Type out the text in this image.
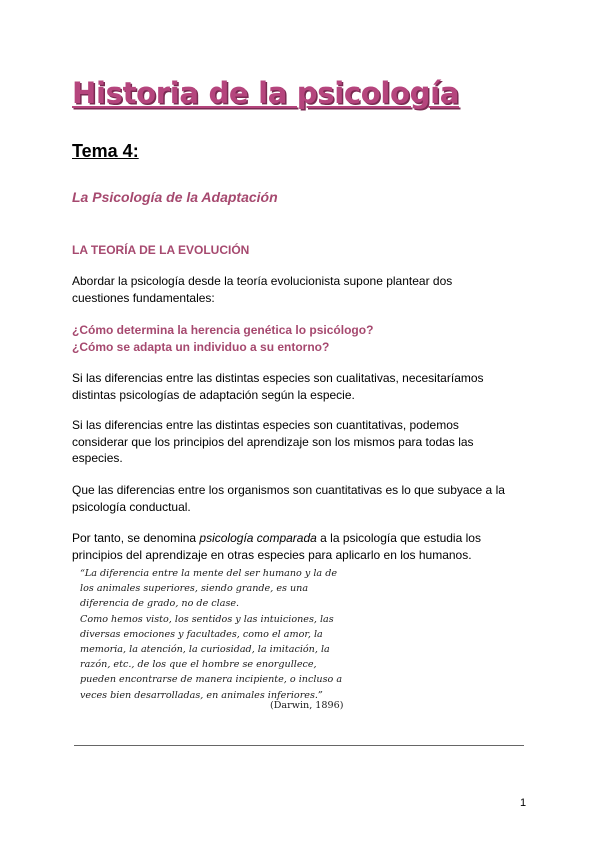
Historia de la psicología
Tema 4:
La Psicología de la Adaptación
LA TEORÍA DE LA EVOLUCIÓN
Abordar la psicología desde la teoría evolucionista supone plantear dos
cuestiones fundamentales:
¿Cómo determina la herencia genética lo psicólogo?
¿Cómo se adapta un individuo a su entorno?
Si las diferencias entre las distintas especies son cualitativas, necesitaríamos
distintas psicologías de adaptación según la especie.
Si las diferencias entre las distintas especies son cuantitativas, podemos
considerar que los principios del aprendizaje son los mismos para todas las
especies.
Que las diferencias entre los organismos son cuantitativas es lo que subyace a la
psicología conductual.
Por tanto, se denomina psicología comparada a la psicología que estudia los
principios del aprendizaje en otras especies para aplicarlo en los humanos.
“La diferencia entre la mente del ser humano y la de
los animales superiores, siendo grande, es una
diferencia de grado, no de clase.
Como hemos visto, los sentidos y las intuiciones, las
diversas emociones y facultades, como el amor, la
memoria, la atención, la curiosidad, la imitación, la
razón, etc., de los que el hombre se enorgullece,
pueden encontrarse de manera incipiente, o incluso a
veces bien desarrolladas, en animales inferiores.”
(Darwin, 1896)
1
